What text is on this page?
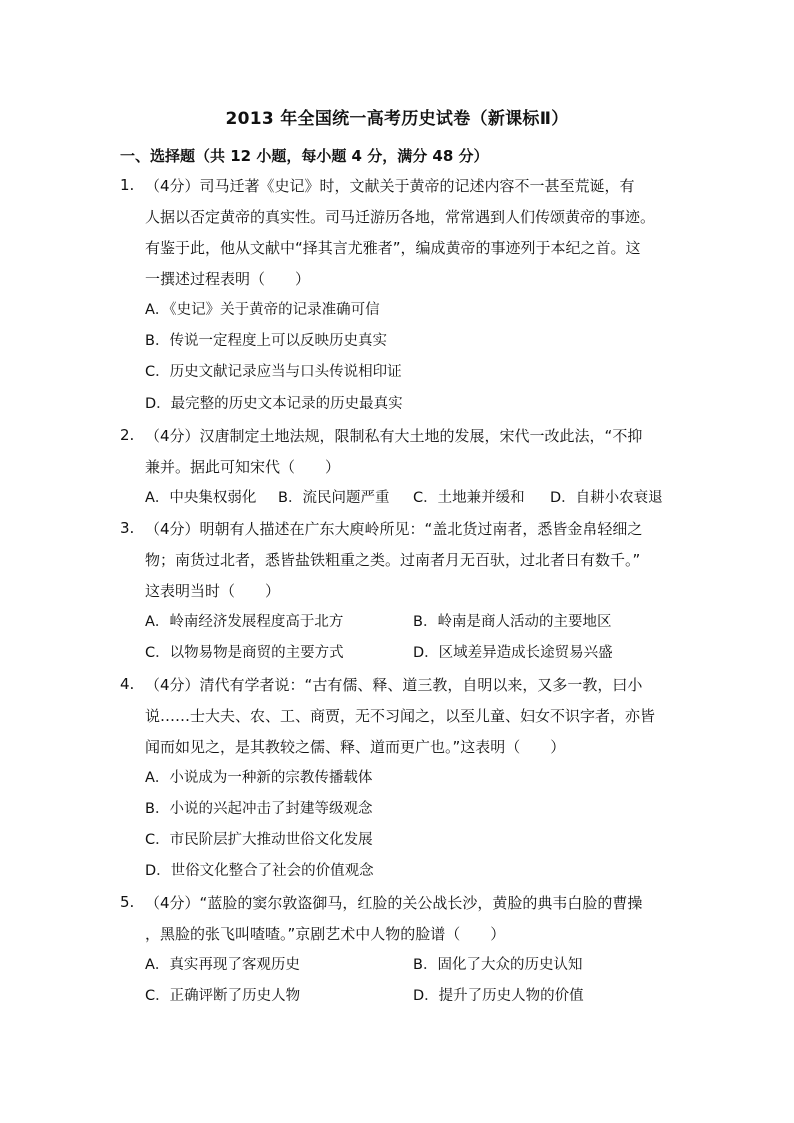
2013 年全国统一高考历史试卷（新课标Ⅱ）
一、选择题（共 12 小题，每小题 4 分，满分 48 分）
1. （4分）司马迁著《史记》时，文献关于黄帝的记述内容不一甚至荒诞，有
人据以否定黄帝的真实性。司马迁游历各地，常常遇到人们传颂黄帝的事迹。
有鉴于此，他从文献中“择其言尤雅者”，编成黄帝的事迹列于本纪之首。这
一撰述过程表明（　　）
A．《史记》关于黄帝的记录准确可信
B．传说一定程度上可以反映历史真实
C．历史文献记录应当与口头传说相印证
D．最完整的历史文本记录的历史最真实
2. （4分）汉唐制定土地法规，限制私有大土地的发展，宋代一改此法，“不抑
兼并。据此可知宋代（　　）
A．中央集权弱化 B．流民问题严重 C．土地兼并缓和 D．自耕小农衰退
3. （4分）明朝有人描述在广东大庾岭所见：“盖北货过南者，悉皆金帛轻细之
物；南货过北者，悉皆盐铁粗重之类。过南者月无百驮，过北者日有数千。”
这表明当时（　　）
A．岭南经济发展程度高于北方	B．岭南是商人活动的主要地区
C．以物易物是商贸的主要方式	D．区域差异造成长途贸易兴盛
4. （4分）清代有学者说：“古有儒、释、道三教，自明以来，又多一教，曰小
说……士大夫、农、工、商贾，无不习闻之，以至儿童、妇女不识字者，亦皆
闻而如见之，是其教较之儒、释、道而更广也。”这表明（　　）
A．小说成为一种新的宗教传播载体
B．小说的兴起冲击了封建等级观念
C．市民阶层扩大推动世俗文化发展
D．世俗文化整合了社会的价值观念
5. （4分）“蓝脸的窦尔敦盗御马，红脸的关公战长沙，黄脸的典韦白脸的曹操
，黑脸的张飞叫喳喳。”京剧艺术中人物的脸谱（　　）
A．真实再现了客观历史	B．固化了大众的历史认知
C．正确评断了历史人物	D．提升了历史人物的价值
